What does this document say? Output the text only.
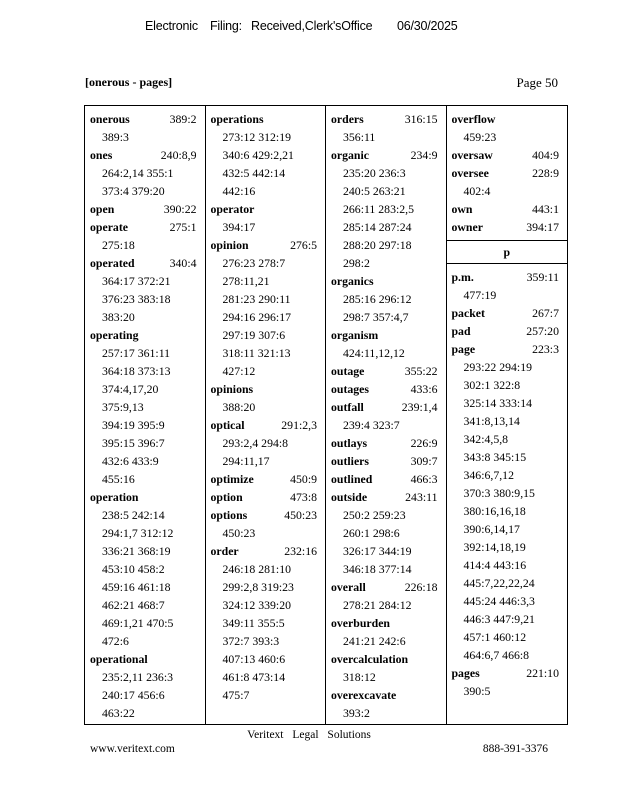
Electronic Filing: Received,Clerk'sOffice 06/30/2025
[onerous - pages]	Page 50
onerous	389:2
389:3
ones	240:8,9
264:2,14 355:1
373:4 379:20
open	390:22
operate	275:1
275:18
operated	340:4
364:17 372:21
376:23 383:18
383:20
operating
257:17 361:11
364:18 373:13
374:4,17,20
375:9,13
394:19 395:9
395:15 396:7
432:6 433:9
455:16
operation
238:5 242:14
294:1,7 312:12
336:21 368:19
453:10 458:2
459:16 461:18
462:21 468:7
469:1,21 470:5
472:6
operational
235:2,11 236:3
240:17 456:6
463:22
operations
273:12 312:19
340:6 429:2,21
432:5 442:14
442:16
operator
394:17
opinion	276:5
276:23 278:7
278:11,21
281:23 290:11
294:16 296:17
297:19 307:6
318:11 321:13
427:12
opinions
388:20
optical	291:2,3
293:2,4 294:8
294:11,17
optimize	450:9
option	473:8
options	450:23
450:23
order	232:16
246:18 281:10
299:2,8 319:23
324:12 339:20
349:11 355:5
372:7 393:3
407:13 460:6
461:8 473:14
475:7
orders	316:15
356:11
organic	234:9
235:20 236:3
240:5 263:21
266:11 283:2,5
285:14 287:24
288:20 297:18
298:2
organics
285:16 296:12
298:7 357:4,7
organism
424:11,12,12
outage	355:22
outages	433:6
outfall	239:1,4
239:4 323:7
outlays	226:9
outliers	309:7
outlined	466:3
outside	243:11
250:2 259:23
260:1 298:6
326:17 344:19
346:18 377:14
overall	226:18
278:21 284:12
overburden
241:21 242:6
overcalculation
318:12
overexcavate
393:2
overflow
459:23
oversaw	404:9
oversee	228:9
402:4
own	443:1
owner	394:17
p
p.m.	359:11
477:19
packet	267:7
pad	257:20
page	223:3
293:22 294:19
302:1 322:8
325:14 333:14
341:8,13,14
342:4,5,8
343:8 345:15
346:6,7,12
370:3 380:9,15
380:16,16,18
390:6,14,17
392:14,18,19
414:4 443:16
445:7,22,22,24
445:24 446:3,3
446:3 447:9,21
457:1 460:12
464:6,7 466:8
pages	221:10
390:5
Veritext Legal Solutions
www.veritext.com	888-391-3376
